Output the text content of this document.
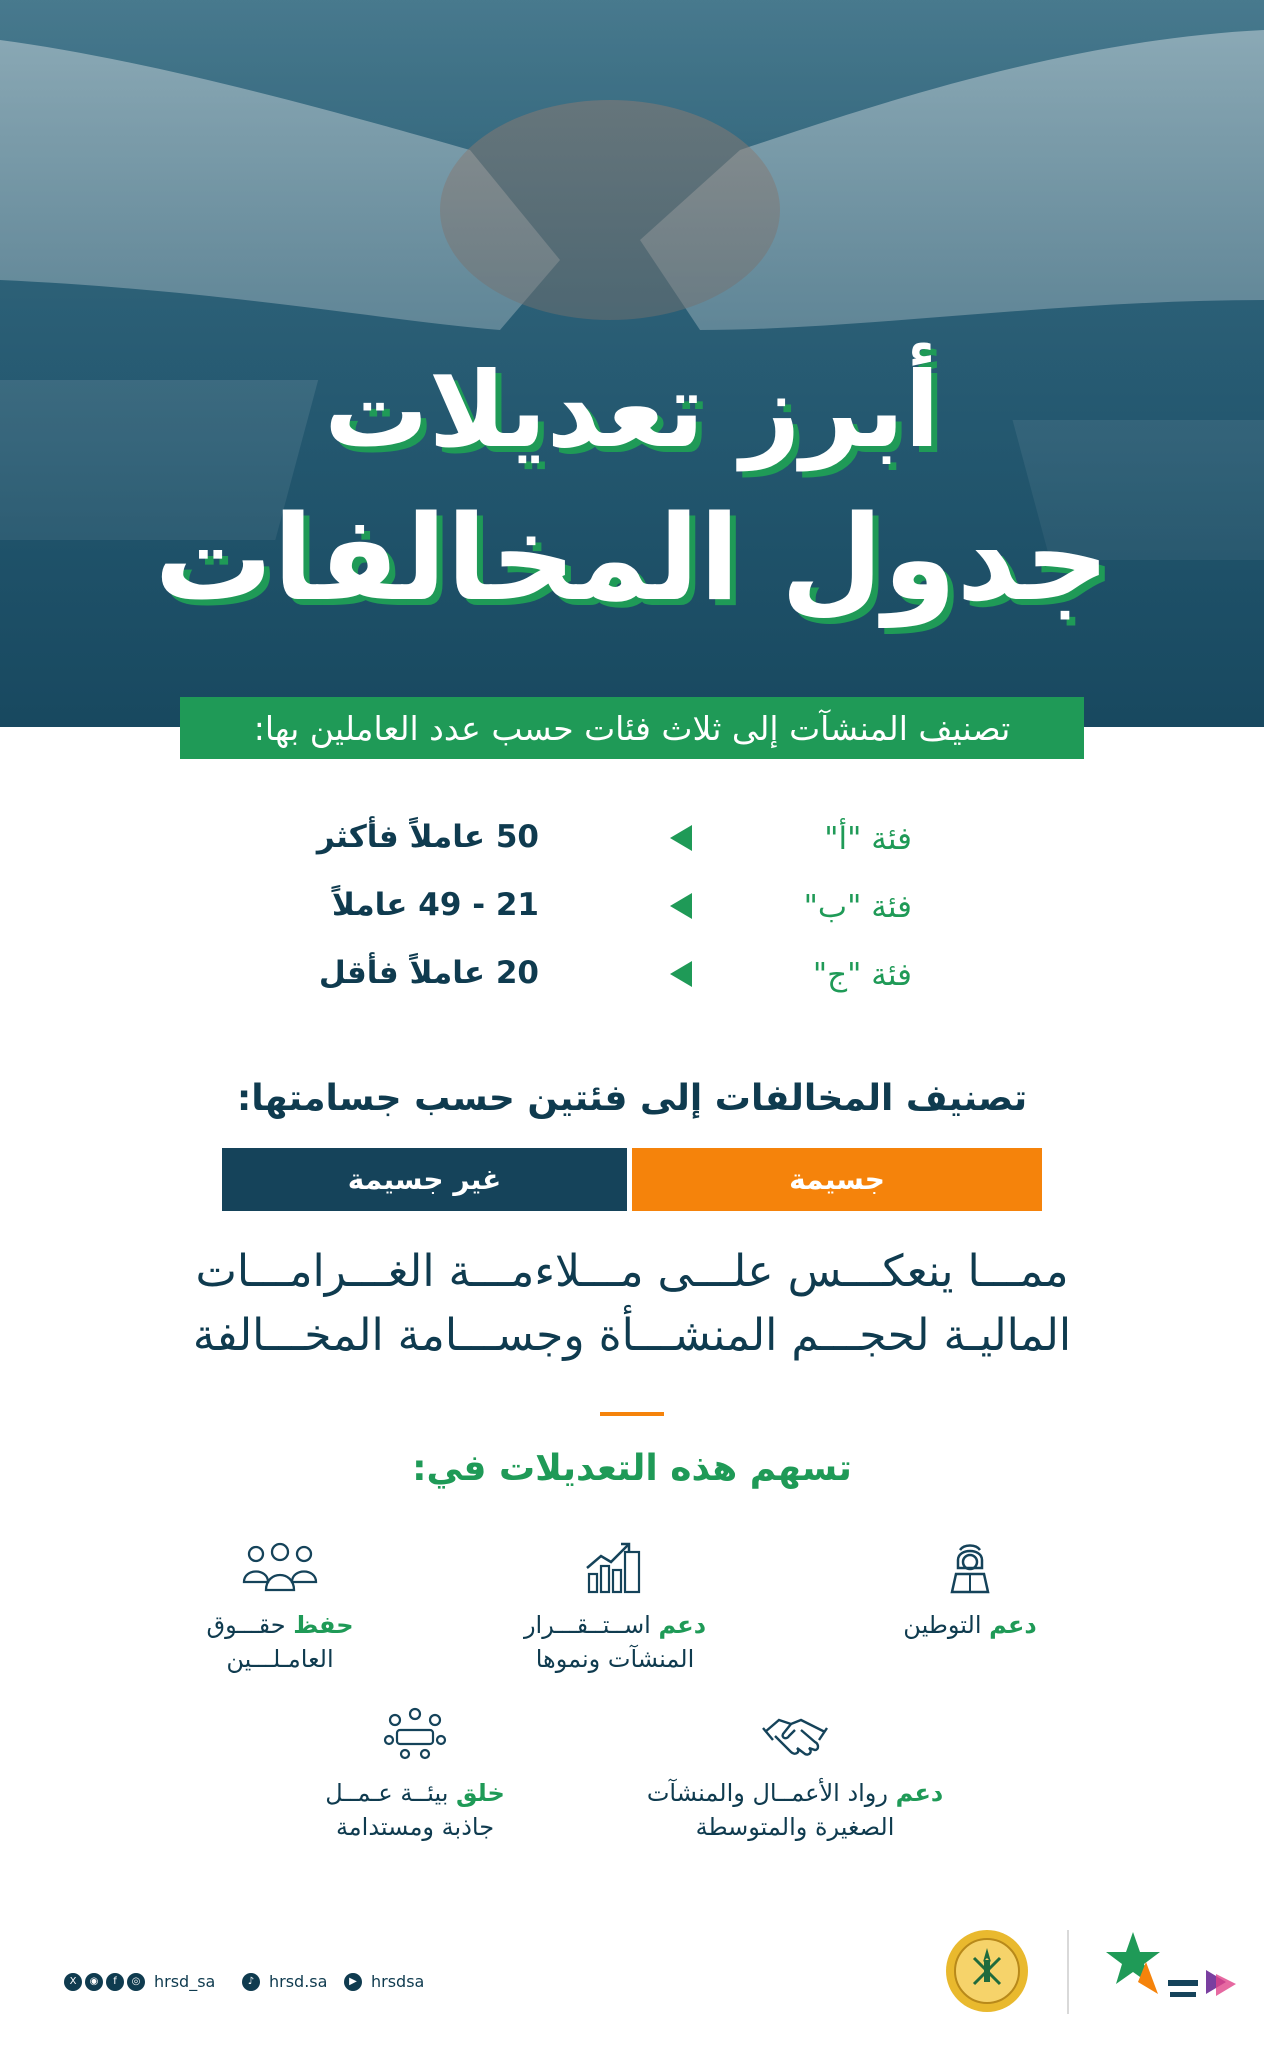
أبرز تعديلات
جدول المخالفات
تصنيف المنشآت إلى ثلاث فئات حسب عدد العاملين بها:
فئة "أ"
50 عاملاً فأكثر
فئة "ب"
21 - 49 عاملاً
فئة "ج"
20 عاملاً فأقل
تصنيف المخالفات إلى فئتين حسب جسامتها:
جسيمة
غير جسيمة
ممـــا ينعكـــس علـــى مـــلاءمـــة الغـــرامـــات
الماليـة لحجـــم المنشـــأة وجســـامة المخـــالفة
تسهم هذه التعديلات في:
دعم التوطين
دعم اســتــقـــرار
المنشآت ونموها
حفظ حقـــوق
العامـلـــين
دعم رواد الأعمــال والمنشآت
الصغيرة والمتوسطة
خلق بيئــة عـمــل
جاذبة ومستدامة
X	◉	f	◎ hrsd_sa	♪ hrsd.sa	▶ hrsdsa
